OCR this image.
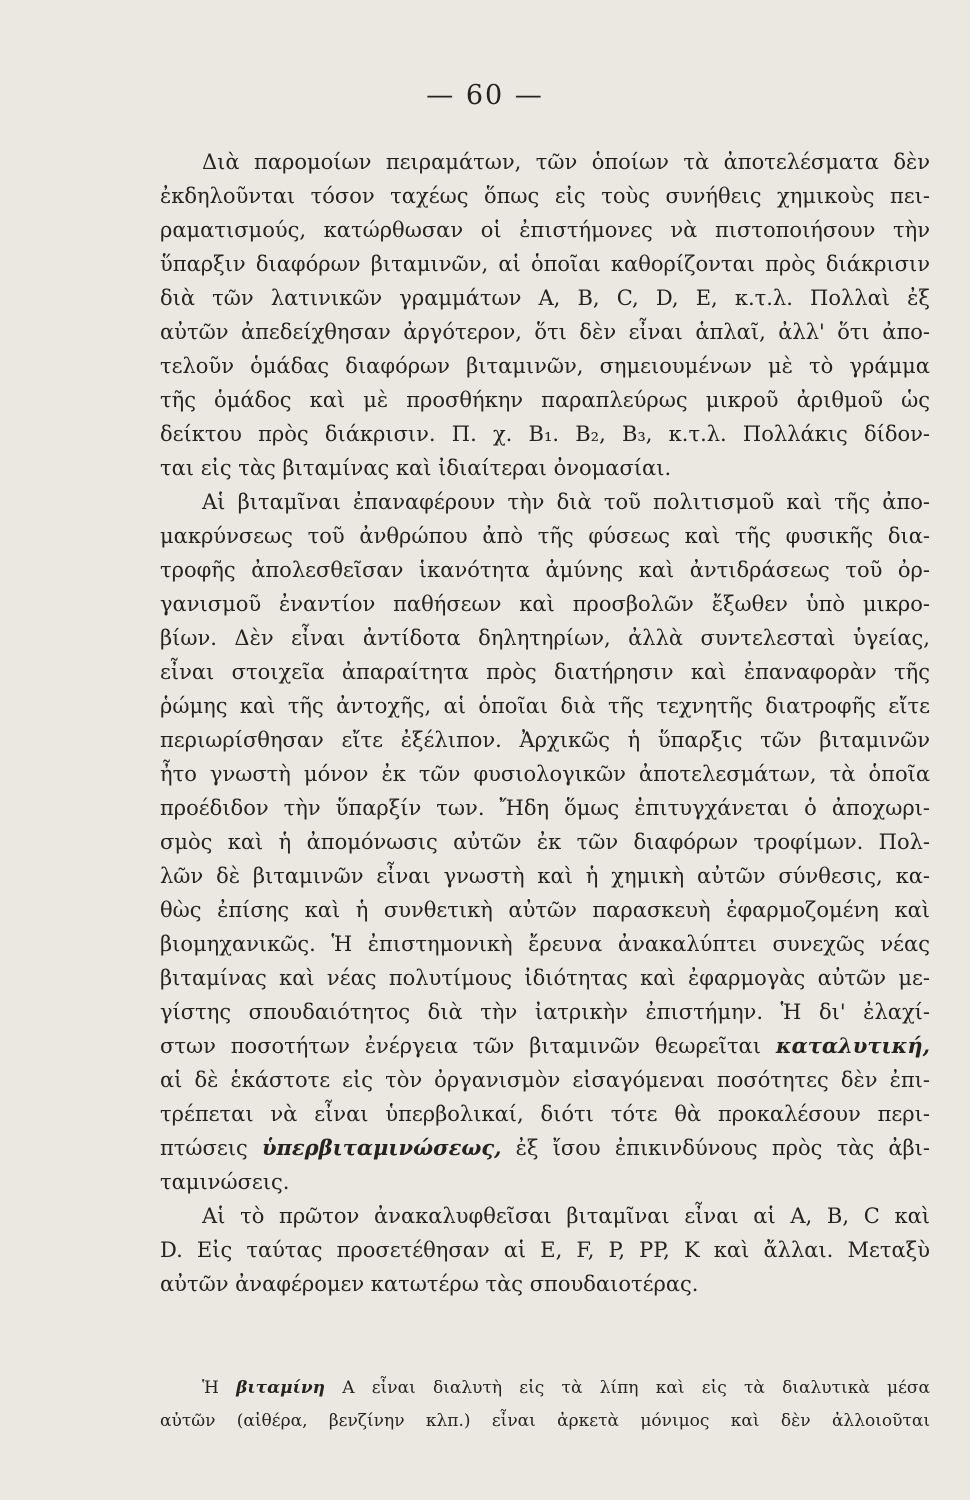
— 60 —
Διὰ παρομοίων πειραμάτων, τῶν ὁποίων τὰ ἀποτελέσματα δὲν
ἐκδηλοῦνται τόσον ταχέως ὅπως εἰς τοὺς συνήθεις χημικοὺς πει-
ραματισμούς, κατώρθωσαν οἱ ἐπιστήμονες νὰ πιστοποιήσουν τὴν
ὕπαρξιν διαφόρων βιταμινῶν, αἱ ὁποῖαι καθορίζονται πρὸς διάκρισιν
διὰ τῶν λατινικῶν γραμμάτων A, B, C, D, E, κ.τ.λ. Πολλαὶ ἐξ
αὐτῶν ἀπεδείχθησαν ἀργότερον, ὅτι δὲν εἶναι ἁπλαῖ, ἀλλ' ὅτι ἀπο-
τελοῦν ὁμάδας διαφόρων βιταμινῶν, σημειουμένων μὲ τὸ γράμμα
τῆς ὁμάδος καὶ μὲ προσθήκην παραπλεύρως μικροῦ ἀριθμοῦ ὡς
δείκτου πρὸς διάκρισιν. Π. χ. B₁. B₂, B₃, κ.τ.λ. Πολλάκις δίδον-
ται εἰς τὰς βιταμίνας καὶ ἰδιαίτεραι ὀνομασίαι.
Αἱ βιταμῖναι ἐπαναφέρουν τὴν διὰ τοῦ πολιτισμοῦ καὶ τῆς ἀπο-
μακρύνσεως τοῦ ἀνθρώπου ἀπὸ τῆς φύσεως καὶ τῆς φυσικῆς δια-
τροφῆς ἀπολεσθεῖσαν ἱκανότητα ἀμύνης καὶ ἀντιδράσεως τοῦ ὀρ-
γανισμοῦ ἐναντίον παθήσεων καὶ προσβολῶν ἔξωθεν ὑπὸ μικρο-
βίων. Δὲν εἶναι ἀντίδοτα δηλητηρίων, ἀλλὰ συντελεσταὶ ὑγείας,
εἶναι στοιχεῖα ἀπαραίτητα πρὸς διατήρησιν καὶ ἐπαναφορὰν τῆς
ῥώμης καὶ τῆς ἀντοχῆς, αἱ ὁποῖαι διὰ τῆς τεχνητῆς διατροφῆς εἴτε
περιωρίσθησαν εἴτε ἐξέλιπον. Ἀρχικῶς ἡ ὕπαρξις τῶν βιταμινῶν
ἦτο γνωστὴ μόνον ἐκ τῶν φυσιολογικῶν ἀποτελεσμάτων, τὰ ὁποῖα
προέδιδον τὴν ὕπαρξίν των. Ἤδη ὅμως ἐπιτυγχάνεται ὁ ἀποχωρι-
σμὸς καὶ ἡ ἀπομόνωσις αὐτῶν ἐκ τῶν διαφόρων τροφίμων. Πολ-
λῶν δὲ βιταμινῶν εἶναι γνωστὴ καὶ ἡ χημικὴ αὐτῶν σύνθεσις, κα-
θὼς ἐπίσης καὶ ἡ συνθετικὴ αὐτῶν παρασκευὴ ἐφαρμοζομένη καὶ
βιομηχανικῶς. Ἡ ἐπιστημονικὴ ἔρευνα ἀνακαλύπτει συνεχῶς νέας
βιταμίνας καὶ νέας πολυτίμους ἰδιότητας καὶ ἐφαρμογὰς αὐτῶν με-
γίστης σπουδαιότητος διὰ τὴν ἰατρικὴν ἐπιστήμην. Ἡ δι' ἐλαχί-
στων ποσοτήτων ἐνέργεια τῶν βιταμινῶν θεωρεῖται καταλυτική,
αἱ δὲ ἑκάστοτε εἰς τὸν ὀργανισμὸν εἰσαγόμεναι ποσότητες δὲν ἐπι-
τρέπεται νὰ εἶναι ὑπερβολικαί, διότι τότε θὰ προκαλέσουν περι-
πτώσεις ὑπερβιταμινώσεως, ἐξ ἴσου ἐπικινδύνους πρὸς τὰς ἀβι-
ταμινώσεις.
Αἱ τὸ πρῶτον ἀνακαλυφθεῖσαι βιταμῖναι εἶναι αἱ A, B, C καὶ
D. Εἰς ταύτας προσετέθησαν αἱ E, F, P, PP, K καὶ ἄλλαι. Μεταξὺ
αὐτῶν ἀναφέρομεν κατωτέρω τὰς σπουδαιοτέρας.
Ἡ βιταμίνη A εἶναι διαλυτὴ εἰς τὰ λίπη καὶ εἰς τὰ διαλυτικὰ μέσα
αὐτῶν (αἰθέρα, βενζίνην κλπ.) εἶναι ἀρκετὰ μόνιμος καὶ δὲν ἀλλοιοῦται
